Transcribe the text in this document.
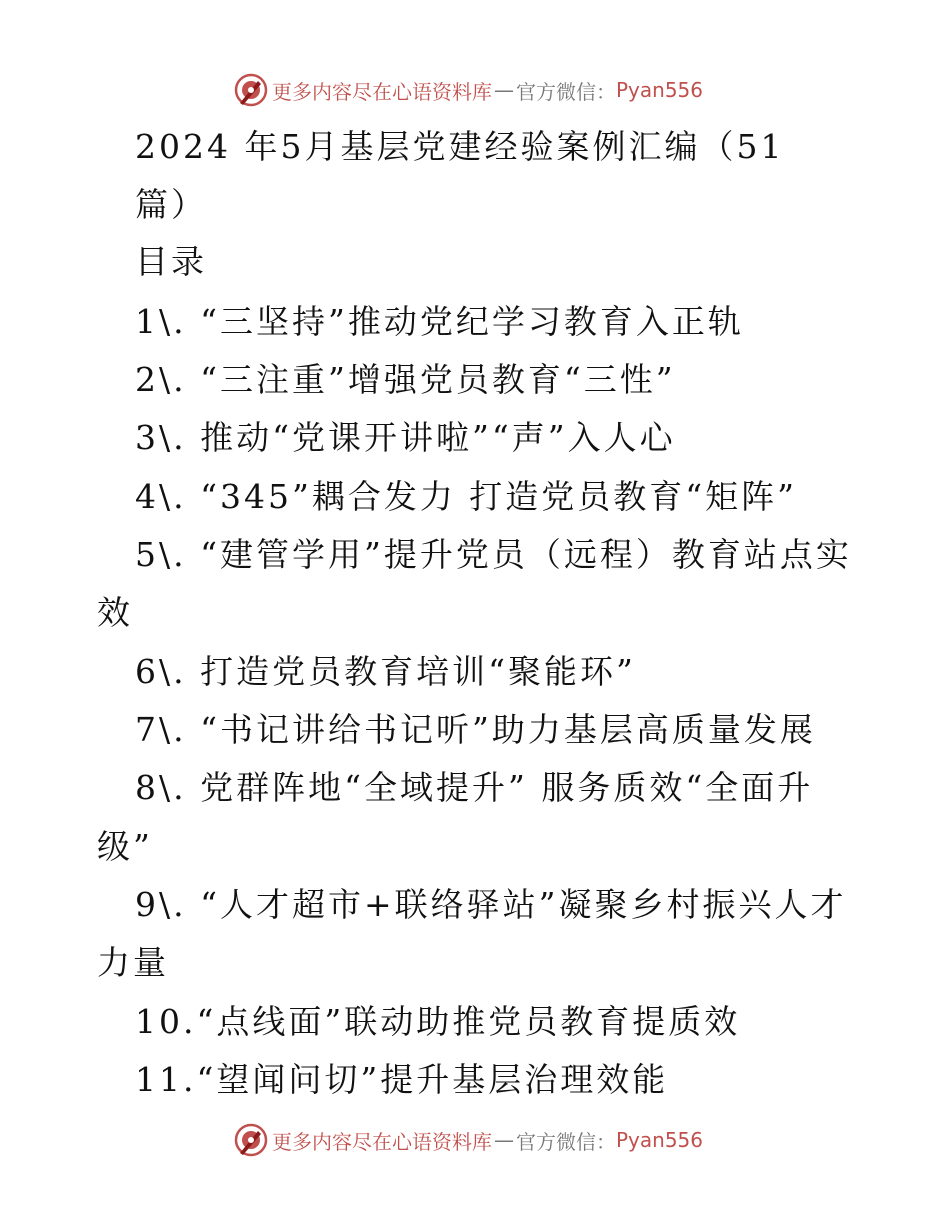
更多内容尽在心语资料库 — 官方微信： Pyan556
2024 年5月基层党建经验案例汇编（51
篇）
目录
1\. “三坚持”推动党纪学习教育入正轨
2\. “三注重”增强党员教育“三性”
3\. 推动“党课开讲啦”“声”入人心
4\. “345”耦合发力 打造党员教育“矩阵”
5\. “建管学用”提升党员（远程）教育站点实
效
6\. 打造党员教育培训“聚能环”
7\. “书记讲给书记听”助力基层高质量发展
8\. 党群阵地“全域提升” 服务质效“全面升
级”
9\. “人才超市+联络驿站”凝聚乡村振兴人才
力量
10.“点线面”联动助推党员教育提质效
11.“望闻问切”提升基层治理效能
更多内容尽在心语资料库 — 官方微信： Pyan556
